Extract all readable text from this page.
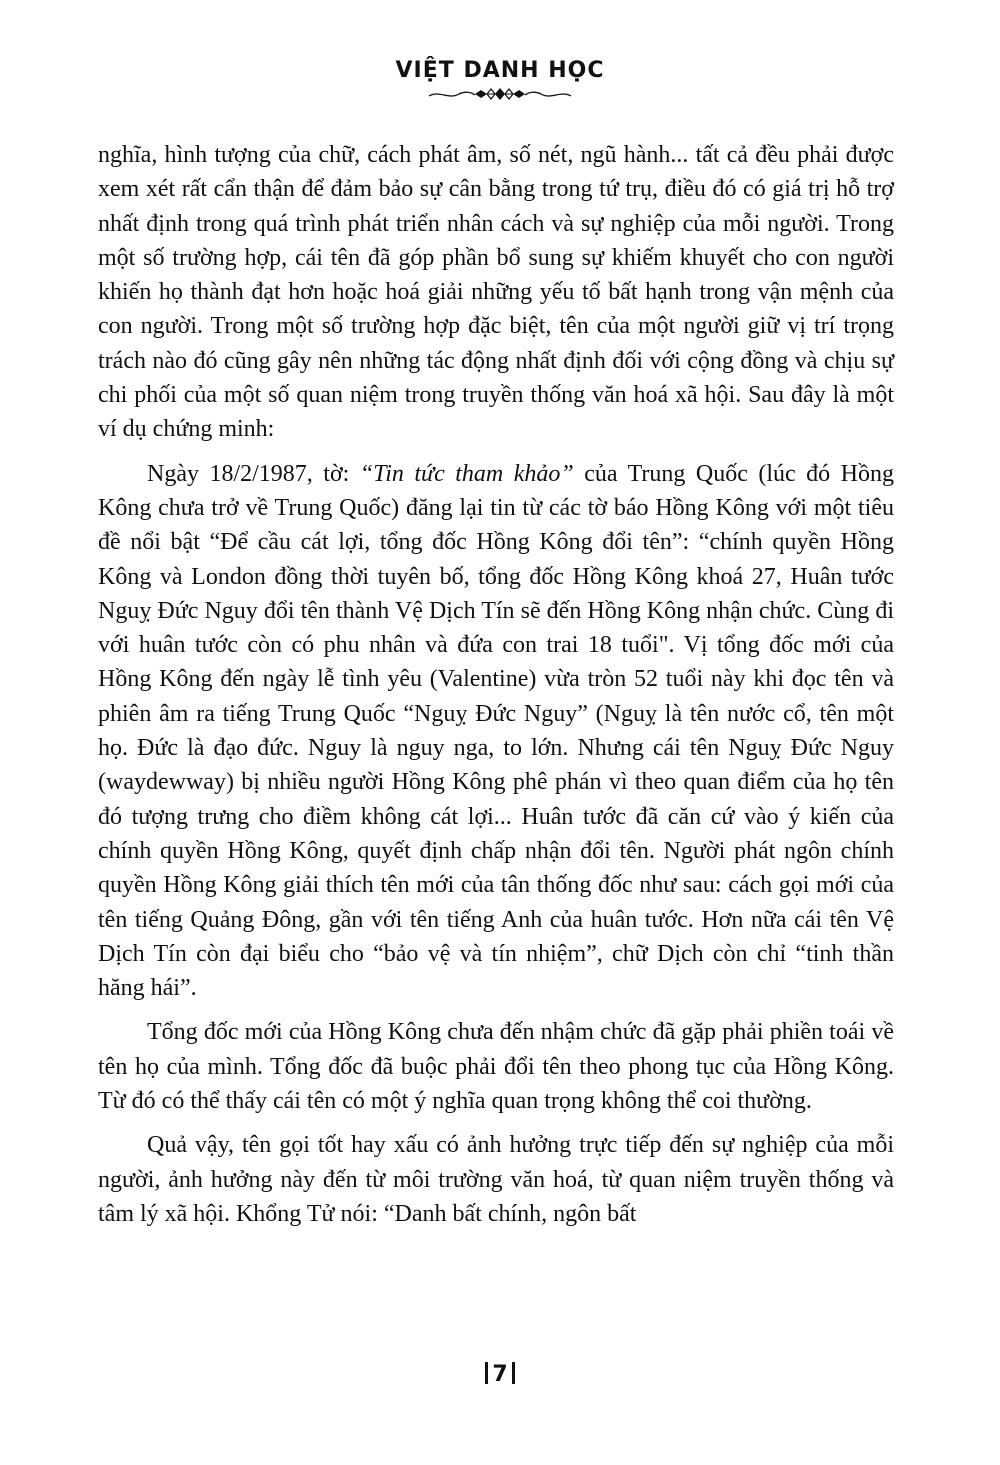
VIỆT DANH HỌC

nghĩa, hình tượng của chữ, cách phát âm, số nét, ngũ hành... tất cả đều phải được xem xét rất cẩn thận để đảm bảo sự cân bằng trong tứ trụ, điều đó có giá trị hỗ trợ nhất định trong quá trình phát triển nhân cách và sự nghiệp của mỗi người. Trong một số trường hợp, cái tên đã góp phần bổ sung sự khiếm khuyết cho con người khiến họ thành đạt hơn hoặc hoá giải những yếu tố bất hạnh trong vận mệnh của con người. Trong một số trường hợp đặc biệt, tên của một người giữ vị trí trọng trách nào đó cũng gây nên những tác động nhất định đối với cộng đồng và chịu sự chi phối của một số quan niệm trong truyền thống văn hoá xã hội. Sau đây là một ví dụ chứng minh:

Ngày 18/2/1987, tờ: “Tin tức tham khảo” của Trung Quốc (lúc đó Hồng Kông chưa trở về Trung Quốc) đăng lại tin từ các tờ báo Hồng Kông với một tiêu đề nổi bật “Để cầu cát lợi, tổng đốc Hồng Kông đổi tên”: “chính quyền Hồng Kông và London đồng thời tuyên bố, tổng đốc Hồng Kông khoá 27, Huân tước Nguỵ Đức Nguy đổi tên thành Vệ Dịch Tín sẽ đến Hồng Kông nhận chức. Cùng đi với huân tước còn có phu nhân và đứa con trai 18 tuổi". Vị tổng đốc mới của Hồng Kông đến ngày lễ tình yêu (Valentine) vừa tròn 52 tuổi này khi đọc tên và phiên âm ra tiếng Trung Quốc “Nguỵ Đức Nguy” (Nguỵ là tên nước cổ, tên một họ. Đức là đạo đức. Nguy là nguy nga, to lớn. Nhưng cái tên Nguỵ Đức Nguy (waydewway) bị nhiều người Hồng Kông phê phán vì theo quan điểm của họ tên đó tượng trưng cho điềm không cát lợi... Huân tước đã căn cứ vào ý kiến của chính quyền Hồng Kông, quyết định chấp nhận đổi tên. Người phát ngôn chính quyền Hồng Kông giải thích tên mới của tân thống đốc như sau: cách gọi mới của tên tiếng Quảng Đông, gần với tên tiếng Anh của huân tước. Hơn nữa cái tên Vệ Dịch Tín còn đại biểu cho “bảo vệ và tín nhiệm”, chữ Dịch còn chỉ “tinh thần hăng hái”.

Tổng đốc mới của Hồng Kông chưa đến nhậm chức đã gặp phải phiền toái về tên họ của mình. Tổng đốc đã buộc phải đổi tên theo phong tục của Hồng Kông. Từ đó có thể thấy cái tên có một ý nghĩa quan trọng không thể coi thường.

Quả vậy, tên gọi tốt hay xấu có ảnh hưởng trực tiếp đến sự nghiệp của mỗi người, ảnh hưởng này đến từ môi trường văn hoá, từ quan niệm truyền thống và tâm lý xã hội. Khổng Tử nói: “Danh bất chính, ngôn bất

7
